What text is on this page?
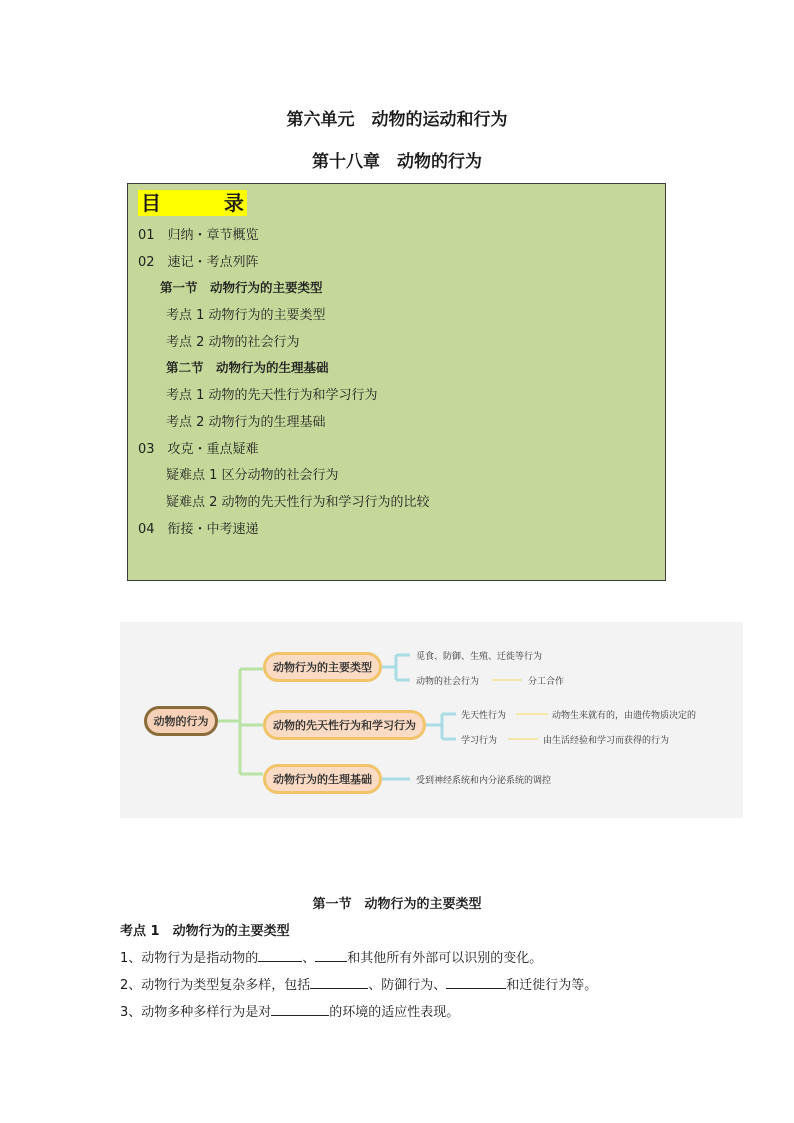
第六单元　动物的运动和行为
第十八章　动物的行为
目	录
01　归纳・章节概览
02　速记・考点列阵
第一节　动物行为的主要类型
考点 1 动物行为的主要类型
考点 2 动物的社会行为
第二节　动物行为的生理基础
考点 1 动物的先天性行为和学习行为
考点 2 动物行为的生理基础
03　攻克・重点疑难
疑难点 1 区分动物的社会行为
疑难点 2 动物的先天性行为和学习行为的比较
04　衔接・中考速递
动物的行为
动物行为的主要类型
动物的先天性行为和学习行为
动物行为的生理基础
觅食、防御、生殖、迁徙等行为
动物的社会行为	分工合作
先天性行为	动物生来就有的，由遗传物质决定的
学习行为	由生活经验和学习而获得的行为
受到神经系统和内分泌系统的调控
第一节　动物行为的主要类型
考点 1　动物行为的主要类型
1、动物行为是指动物的	、 和其他所有外部可以识别的变化。
2、动物行为类型复杂多样，包括	、防御行为、	和迁徙行为等。
3、动物多种多样行为是对	的环境的适应性表现。
